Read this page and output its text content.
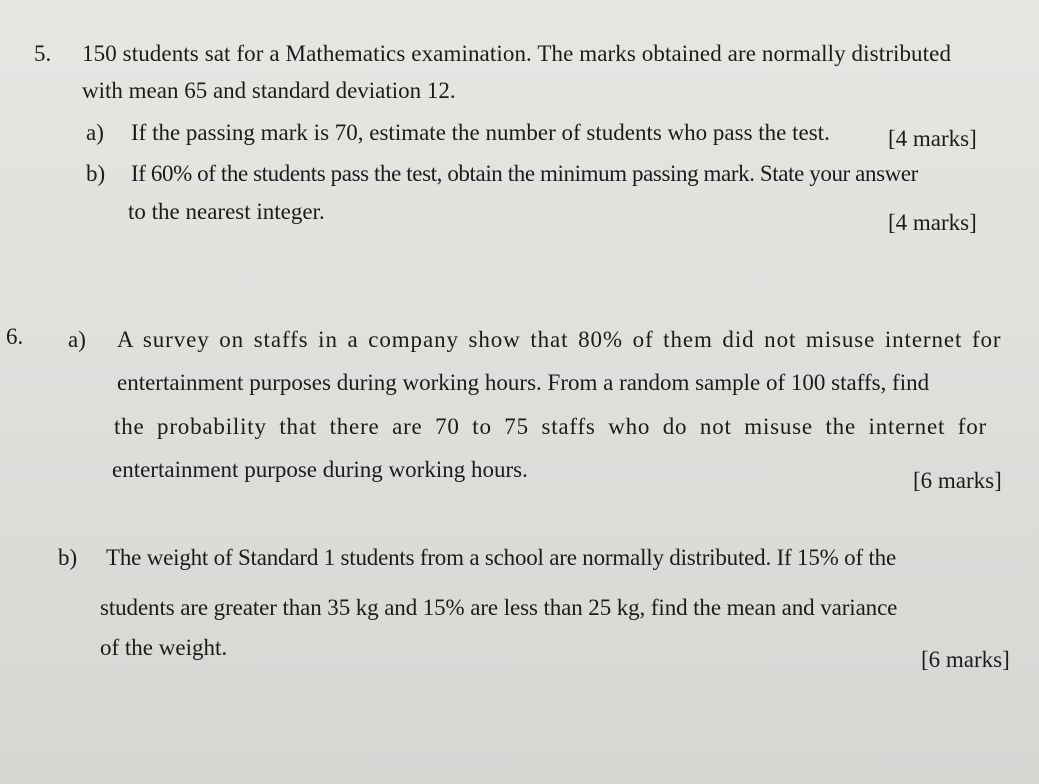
5. 150 students sat for a Mathematics examination. The marks obtained are normally distributed
with mean 65 and standard deviation 12.
a) If the passing mark is 70, estimate the number of students who pass the test.	[4 marks]
b) If 60% of the students pass the test, obtain the minimum passing mark. State your answer
to the nearest integer.	[4 marks]
6. a) A survey on staffs in a company show that 80% of them did not misuse internet for
entertainment purposes during working hours. From a random sample of 100 staffs, find
the probability that there are 70 to 75 staffs who do not misuse the internet for
entertainment purpose during working hours.	[6 marks]
b) The weight of Standard 1 students from a school are normally distributed. If 15% of the
students are greater than 35 kg and 15% are less than 25 kg, find the mean and variance
of the weight.	[6 marks]
